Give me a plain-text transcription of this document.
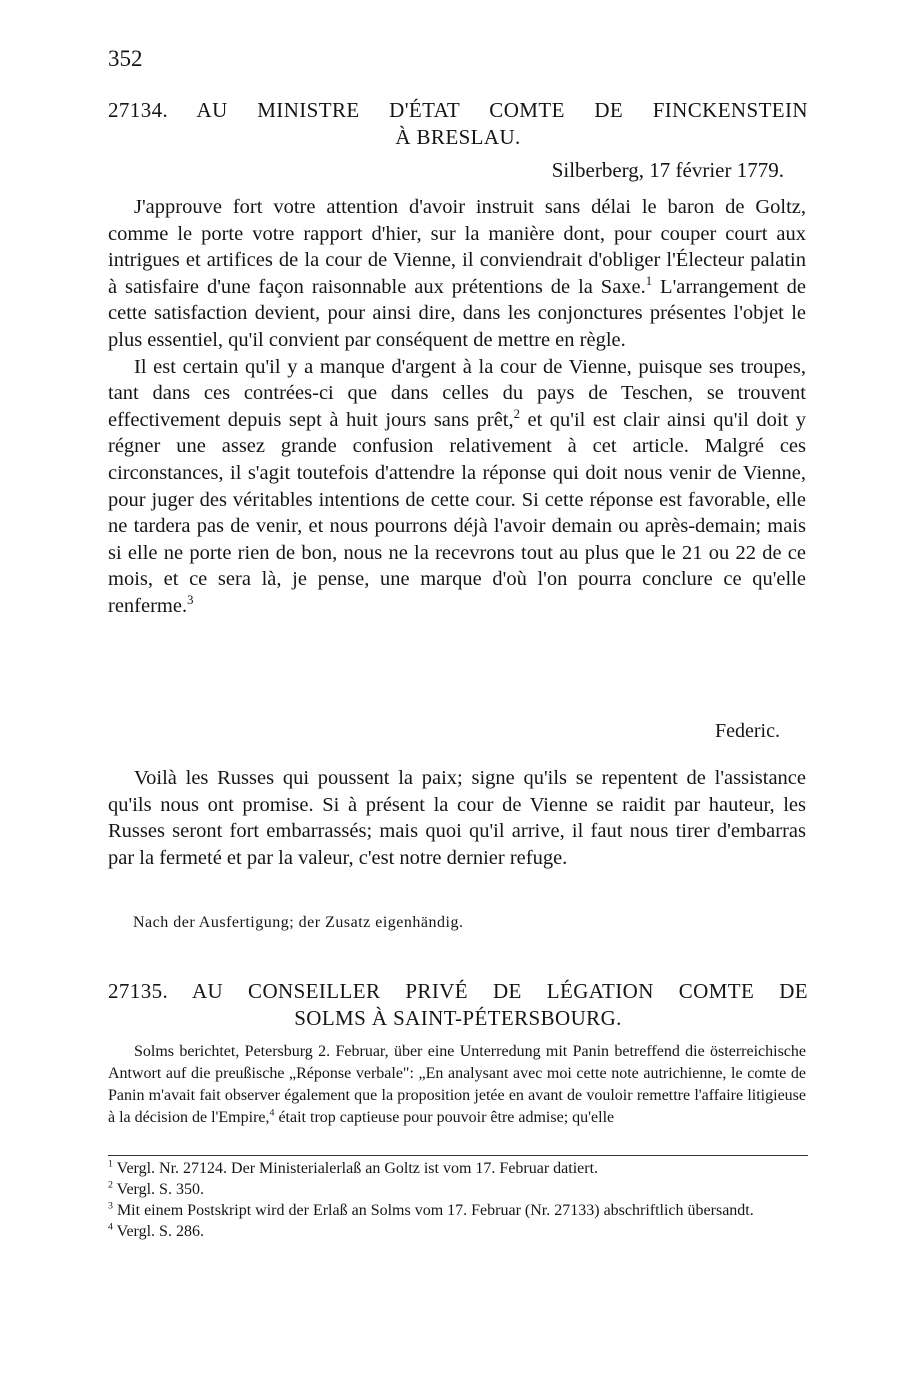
352
27134. AU MINISTRE D'ÉTAT COMTE DE FINCKENSTEIN
À BRESLAU.
Silberberg, 17 février 1779.

J'approuve fort votre attention d'avoir instruit sans délai le baron de Goltz, comme le porte votre rapport d'hier, sur la manière dont, pour couper court aux intrigues et artifices de la cour de Vienne, il conviendrait d'obliger l'Électeur palatin à satisfaire d'une façon raisonnable aux prétentions de la Saxe.$^1$ L'arrangement de cette satisfaction devient, pour ainsi dire, dans les conjonctures présentes l'objet le plus essentiel, qu'il convient par conséquent de mettre en règle.

Il est certain qu'il y a manque d'argent à la cour de Vienne, puisque ses troupes, tant dans ces contrées-ci que dans celles du pays de Teschen, se trouvent effectivement depuis sept à huit jours sans prêt,$^2$ et qu'il est clair ainsi qu'il doit y régner une assez grande confusion relativement à cet article. Malgré ces circonstances, il s'agit toutefois d'attendre la réponse qui doit nous venir de Vienne, pour juger des véritables intentions de cette cour. Si cette réponse est favorable, elle ne tardera pas de venir, et nous pourrons déjà l'avoir demain ou après-demain; mais si elle ne porte rien de bon, nous ne la recevrons tout au plus que le 21 ou 22 de ce mois, et ce sera là, je pense, une marque d'où l'on pourra conclure ce qu'elle renferme.$^3$

Federic.

Voilà les Russes qui poussent la paix; signe qu'ils se repentent de l'assistance qu'ils nous ont promise. Si à présent la cour de Vienne se raidit par hauteur, les Russes seront fort embarrassés; mais quoi qu'il arrive, il faut nous tirer d'embarras par la fermeté et par la valeur, c'est notre dernier refuge.

Nach der Ausfertigung; der Zusatz eigenhändig.
27135. AU CONSEILLER PRIVÉ DE LÉGATION COMTE DE
SOLMS À SAINT-PÉTERSBOURG.

Solms berichtet, Petersburg 2. Februar, über eine Unterredung mit Panin betreffend die österreichische Antwort auf die preußische „Réponse verbale": „En analysant avec moi cette note autrichienne, le comte de Panin m'avait fait observer également que la proposition jetée en avant de vouloir remettre l'affaire litigieuse à la décision de l'Empire,$^4$ était trop captieuse pour pouvoir être admise; qu'elle

$^1$ Vergl. Nr. 27124. Der Ministerialerlaß an Goltz ist vom 17. Februar datiert.

$^2$ Vergl. S. 350.

$^3$ Mit einem Postskript wird der Erlaß an Solms vom 17. Februar (Nr. 27133) abschriftlich übersandt.

$^4$ Vergl. S. 286.
